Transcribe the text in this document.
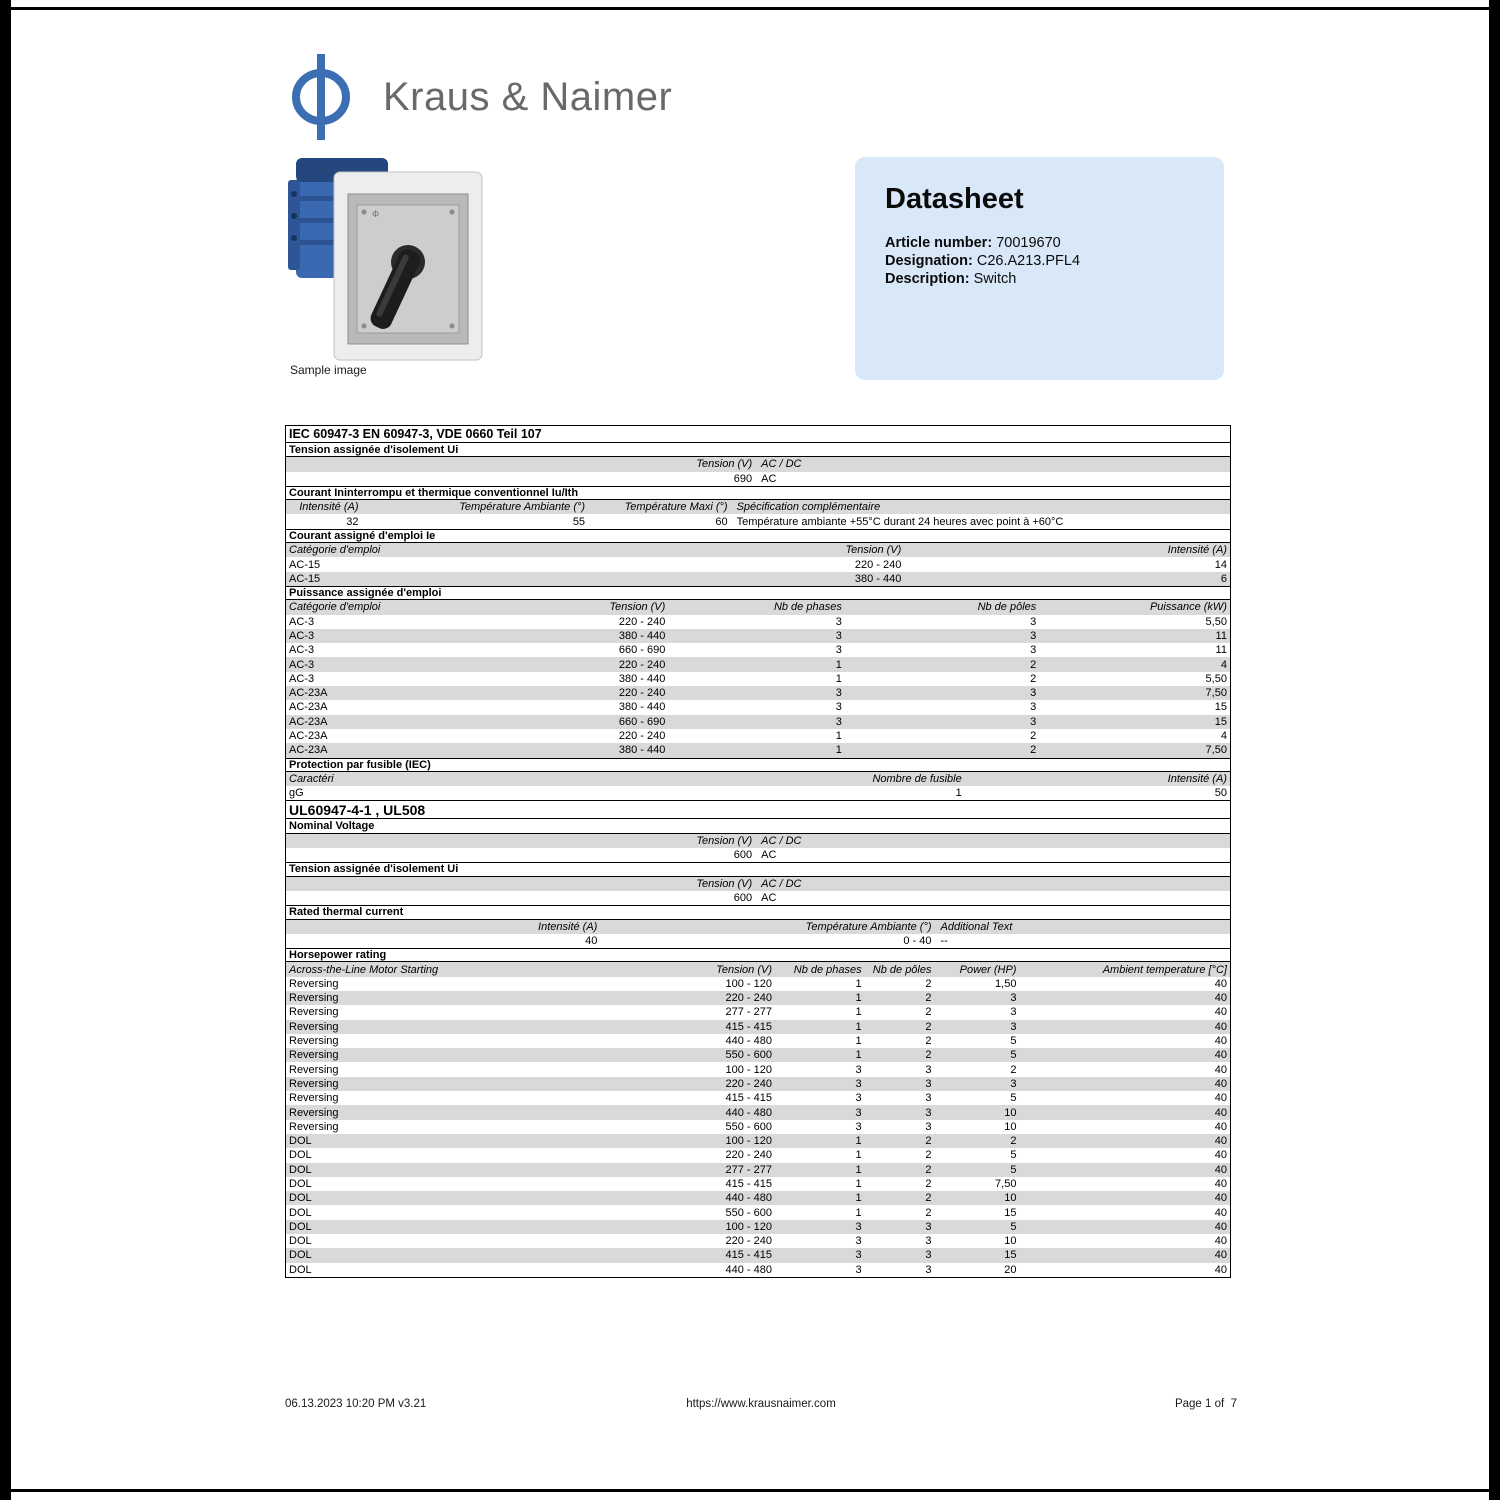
Kraus & Naimer
Φ
Sample image
Datasheet
Article number: 70019670
Designation: C26.A213.PFL4
Description: Switch
IEC 60947-3 EN 60947-3, VDE 0660 Teil 107
Tension assignée d'isolement Ui
Tension (V) AC / DC
690 AC
Courant Ininterrompu et thermique conventionnel Iu/Ith
Intensité (A)	Température Ambiante (°)	Température Maxi (°) Spécification complémentaire
32	55	60 Température ambiante +55°C durant 24 heures avec point à +60°C
Courant assigné d'emploi Ie
Catégorie d'emploi	Tension (V)	Intensité (A)
AC-15	220 - 240	14
AC-15	380 - 440	6
Puissance assignée d'emploi
Catégorie d'emploi	Tension (V)	Nb de phases	Nb de pôles	Puissance (kW)
AC-3	220 - 240	3	3	5,50
AC-3	380 - 440	3	3	11
AC-3	660 - 690	3	3	11
AC-3	220 - 240	1	2	4
AC-3	380 - 440	1	2	5,50
AC-23A	220 - 240	3	3	7,50
AC-23A	380 - 440	3	3	15
AC-23A	660 - 690	3	3	15
AC-23A	220 - 240	1	2	4
AC-23A	380 - 440	1	2	7,50
Protection par fusible (IEC)
Caractéri	Nombre de fusible	Intensité (A)
gG	1	50
UL60947-4-1 , UL508
Nominal Voltage
Tension (V) AC / DC
600 AC
Tension assignée d'isolement Ui
Tension (V) AC / DC
600 AC
Rated thermal current
Intensité (A)	Température Ambiante (°) Additional Text
40	0 - 40 --
Horsepower rating
Across-the-Line Motor Starting	Tension (V)	Nb de phases	Nb de pôles	Power (HP)	Ambient temperature [°C]
Reversing	100 - 120	1	2	1,50	40
Reversing	220 - 240	1	2	3	40
Reversing	277 - 277	1	2	3	40
Reversing	415 - 415	1	2	3	40
Reversing	440 - 480	1	2	5	40
Reversing	550 - 600	1	2	5	40
Reversing	100 - 120	3	3	2	40
Reversing	220 - 240	3	3	3	40
Reversing	415 - 415	3	3	5	40
Reversing	440 - 480	3	3	10	40
Reversing	550 - 600	3	3	10	40
DOL	100 - 120	1	2	2	40
DOL	220 - 240	1	2	5	40
DOL	277 - 277	1	2	5	40
DOL	415 - 415	1	2	7,50	40
DOL	440 - 480	1	2	10	40
DOL	550 - 600	1	2	15	40
DOL	100 - 120	3	3	5	40
DOL	220 - 240	3	3	10	40
DOL	415 - 415	3	3	15	40
DOL	440 - 480	3	3	20	40
06.13.2023 10:20 PM v3.21	https://www.krausnaimer.com	Page 1 of  7
